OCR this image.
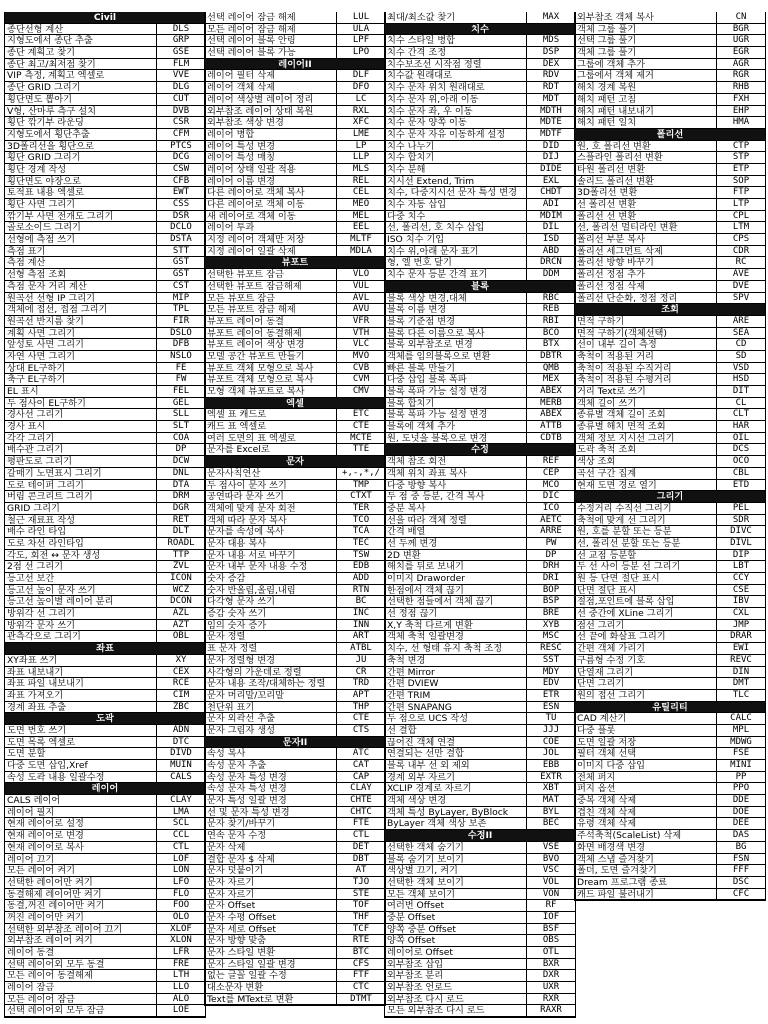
Civil
종단선형 계산	DLS
지형도에서 종단 추출	GRP
종단 계획고 찾기	GSE
종단 최고/최저점 찾기	FLM
VIP 측정, 계획고 엑셀로	VVE
종단 GRID 그리기	DLG
횡단면도 뽑아기	CUT
V형, 산마루 측구 설치	DVB
횡단 깎기부 라운딩	CSR
지형도에서 횡단추출	CFM
3D폴리선을 횡단으로	PTCS
횡단 GRID 그리기	DCG
횡단 경계 작성	CSW
횡단면도 야장으로	CFB
토적표 내용 엑셀로	EWT
횡단 사면 그리기	CSS
깎기부 사면 전개도 그리기	DSR
골로소이드 그리기	DCLO
선형에 측점 쓰기	DSTA
측점 표기	STT
측점 계산	GST
선형 측점 조회	GST
측점 문자 거리 계산	CST
원곡선 선형 IP 그리기	MIP
객체에 접선, 접점 그리기	TPL
원곡선 반지름 찾기	FIR
계획 사면 그리기	DSLO
앞성토 사면 그리기	DFB
자연 사면 그리기	NSLO
상대 EL구하기	FE
축구 EL구하기	FW
EL 표시	FEL
두 점사이 EL구하기	GEL
경사선 그리기	SLL
경사 표시	SLT
각각 그리기	COA
배수관 그리기	DP
평판도로 그리기	DCW
갈매기 노면표시 그리기	DNL
도로 테이퍼 그리기	DTA
버림 콘크리트 그리기	DRM
GRID 그리기	DGR
철근 재료표 작성	RET
배수 라인 타입	DLT
도로 차선 라인타입	ROADL
각도, 회전 ↔ 문자 생성	TTP
2점 선 그리기	ZVL
등고선 보간	ICON
등고선 높이 문자 쓰기	WCZ
등고선 높이별 레이어 분리	DCON
방위각 선 그리기	AZL
방위각 문자 쓰기	AZT
관측각으로 그리기	OBL
좌표
XY좌표 쓰기	XY
좌표 내보내기	CEX
좌표 파일 내보내기	RCE
좌표 가져오기	CIM
경계 좌표 추출	ZBC
도곽
도면 번호 쓰기	ADN
도면 목록 엑셀로	DTC
도면 분할	DIVD
다중 도면 삽입,Xref	MUIN
속성 도곽 내용 일괄수정	CALS
레이어
CALS 레이어	CLAY
레이어 필지	LMA
현재 레이어로 설정	SCL
현재 레이어로 변경	CCL
현재 레이어로 복사	CTL
레이어 끄기	LOF
모든 레이어 켜기	LON
선택한 레이어만 켜기	LFO
동결해제 레이어만 켜기	FLO
동결,꺼진 레이어만 켜기	FOO
꺼진 레이어만 켜기	OLO
선택한 외부참조 레이어 끄기	XLOF
외부참조 레이어 켜기	XLON
레이어 동결	LFR
선택 레이어외 모두 동결	FRE
모든 레이어 동결해제	LTH
레이어 잠금	LLO
모든 레이어 잠금	ALO
선택 레이어외 모두 잠금	LOE
선택 레이어 잠금 해제	LUL
모든 레이어 잠금 해제	ULA
선택 레이어 블록 안링	LPF
선택 레이어 블록 가능	LPO
레이어II
레이어 필터 삭제	DLF
레이어 객체 삭제	DFO
레이어 색상별 레이어 정리	LC
외부참조 레이어 상태 복원	RXL
외부참조 색상 변경	XFC
레이어 병합	LME
레이어 특성 변경	LP
레이어 특성 매칭	LLP
레이어 상태 일괄 적용	MLS
레이어 이름 변경	REL
다른 레이어로 객체 복사	CEL
다른 레이어로 객체 이동	MEO
새 레이어로 객체 이동	MEL
레이어 투과	EEL
지정 레이어 객체만 저장	MLTF
지정 레이어 일괄 삭제	MDLA
뷰포트
선택한 뷰포트 잠금	VLO
선택한 뷰포트 잠금해제	VUL
모든 뷰포트 잠금	AVL
모든 뷰포트 잠금 해제	AVU
뷰포트 레이어 동결	VFR
뷰포트 레이어 동결해제	VTH
뷰포트 레이어 색상 변경	VLC
모델 공간 뷰포트 만들기	MVO
뷰포트 객체 모형으로 복사	CVB
뷰포트 객체 모형으로 복사	CVM
모형 객체 뷰포트로 복사	CMV
엑셀
엑셀 표 캐드로	ETC
캐드 표 엑셀로	CTE
여러 도면의 표 엑셀로	MCTE
문자를 Excel로	TTE
문자
문자사칙연산	+,-,*,/
두 점사이 문자 쓰기	TMP
공연따라 문자 쓰기	CTXT
객체에 맞게 문자 회전	TER
객체 따라 문자 복사	TCO
문자를 속성에 복사	TCA
문자 대용 복사	TEC
문자 내용 서로 바꾸기	TSW
문자 내부 문자 내용 수정	EDB
숫자 증감	ADD
숫자 반올림,올림,내림	RTN
다각형 문자 쓰기	BC
증감 숫자 쓰기	INC
임의 숫자 증가	INN
문자 정렬	ART
표 문자 정렬	ATBL
문자 정렬형 변경	JU
사각형의 가운데로 정렬	CR
문자 내용 조작/대체하는 정렬	TRD
문자 머리말/꼬리말	APT
천단위 표기	THP
문자 외곽선 추출	CTE
문자 그림자 생성	CTS
문자II
속성 복사	ATC
속성 문자 추출	CAT
속성 문자 특성 변경	CAP
속성 문자 특성 변경	CLAY
문자 특성 일괄 변경	CHTE
선 및 문자 특성 변경	CHTC
문자 찾기/바꾸기	FTE
연속 문자 수정	CTL
문자 삭제	DET
결합 문자 $ 삭제	DBT
문자 덧붙이기	AT
문자 자르기	TJO
문자 자르기	STE
문자 Offset	TOF
문자 수평 Offset	THF
문자 세로 Offset	TCF
문자 방향 맞춤	RTE
문자 스타일 변환	BTC
문자 스타일 일괄 변경	CFS
없는 글꼴 일괄 수정	FTF
대소문자 변환	CTC
Text를 MText로 변환	DTMT
최대/최소값 찾기	MAX
치수
치수 스타일 병합	MDS
치수 간격 조정	DSP
치수보조선 시작점 정렬	DEX
치수값 원래대로	RDV
치수 문자 위치 원래대로	RDT
치수 문자 위,아래 이동	MDT
치수 문자 좌, 우 이동	MDTH
치수 문자 양쪽 이동	MDTE
치수 문자 자유 이동하게 설정	MDTF
치수 나누기	DID
치수 합치기	DIJ
치수 분해	DIDE
지시선 Extend, Trim	EXL
치수, 다중지시선 문자 특성 변경	CHDT
치수 자동 삽입	ADI
다중 치수	MDIM
선, 폴리선, 호 치수 삽입	DIL
ISO 치수 기입	ISD
치수 위,아래 문자 표기	ABD
형, 엘 번호 달기	DRCN
치수 문자 등분 간격 표기	DDM
블록
블록 색상 변경,대체	RBC
블록 이름 변경	REB
블록 기준점 변경	RBI
블록 다른 이름으로 복사	BCO
블록 외부참조로 변경	BTX
객체를 임의블록으로 변환	DBTR
빠른 블록 만들기	QMB
다중 삽입 블록 폭파	MEX
블록 폭파 가능 설정 변경	ABEX
블록 합치기	MERB
블록 폭파 가능 설정 변경	ABEX
블록에 객체 추가	ATTB
원, 도넛을 블록으로 변경	CDTB
수정
객체 참조 회전	REF
객체 위치 좌표 복사	CEP
다중 방향 복사	MCO
두 점 중 등분, 간격 복사	DIC
중분 복사	ICO
선을 따라 객체 정렬	AETC
간격 배열	ARRE
선 두께 변경	PW
2D 변환	DP
해치를 뒤로 보내기	DRH
이미지 Draworder	DRI
한점에서 객체 끊기	BOP
선택한 점들에서 객체 끊기	BSP
선 정점 끊기	BRE
X,Y 축척 다르게 변환	XYB
객체 축척 일괄변경	MSC
치수, 선 형태 유지 축척 조정	RESC
축척 변경	SST
간편 Mirror	MDY
간편 DVIEW	EDV
간편 TRIM	ETR
간편 SNAPANG	ESN
두 점으로 UCS 작성	TU
선 결합	JJJ
끊어진 객체 연결	COE
연결되는 선만 결합	JOL
블록 내부 선 외 제외	EBB
경계 외부 자르기	EXTR
XCLIP 경계로 자르기	XBT
객체 색상 변경	MAT
객체 특성 ByLayer, ByBlock	BYL
ByLayer 객체 색상 보존	BEC
수정II
선택한 객체 숨기기	VSE
블록 숨기기 보이기	BVO
색상별 끄기, 켜기	VSC
선택한 객체 보이기	VOL
모든 객체 보이기	VON
여러번 Offset	RF
중분 Offset	IOF
양쪽 중분 Offset	BSF
양쪽 Offset	OBS
레이어로 Offset	OTL
외부참조 삽입	BXR
외부참조 분리	DXR
외부참조 언로드	UXR
외부참조 다시 로드	RXR
모든 외부참조 다시 로드	RAXR
외부참조 객체 복사	CN
객체 그룹 풀기	BGR
선택 그룹 풀기	UGR
객체 그룹 풀기	EGR
그룹에 객체 추가	AGR
그룹에서 객체 제거	RGR
해치 경계 복원	RHB
해치 패턴 고침	FXH
해치 패턴 내보내기	EHP
해치 패턴 일치	HMA
폴리선
원, 호 폴리선 변환	CTP
스플라인 폴리선 변환	STP
타원 폴리선 변환	ETP
솔리드 폴리선 변환	SOP
3D폴리선 변환	FTP
선 폴리선 변환	LTP
폴리선 선 변환	CPL
선, 폴리선 멀티라인 변환	LTM
폴리선 부분 복사	CPS
폴리선 세그먼트 삭제	CDR
폴리선 방향 바꾸기	RC
폴리선 정점 추가	AVE
폴리선 정점 삭제	DVE
폴리선 단순화, 정점 정리	SPV
조회
면적 구하기	ARE
면적 구하기(객체선택)	SEA
선이 내부 길이 측정	CD
축척이 적용된 거리	SD
축척이 적용된 수직거리	VSD
축척이 적용된 수평거리	HSD
거리 Text로 쓰기	DIT
객체 길이 쓰기	CL
종류별 객체 길이 조회	CLT
종류별 해치 면적 조회	HAR
객체 정보 지시선 그리기	OIL
도곽 축척 조회	DCS
색상 조회	OCO
곡선 구간 집계	CBL
현재 도면 경로 열기	ETD
그리기
수정거리 수직선 그리기	PEL
축척에 맞게 선 그리기	SDR
원, 호를 분할 또는 등분	DIVC
선, 폴리선 분할 또는 등분	DIVL
선 교점 등분할	DIP
두 선 사이 등분 선 그리기	LBT
원 등 단면 절단 표시	CCY
단면 절단 표시	CSE
절점,포인트에 블록 삽입	IBV
선 중간에 XLine 그리기	CXL
점선 그리기	JMP
선 끝에 화살표 그리기	DRAR
간편 객체 가리기	EWI
구름형 수정 기호	REVC
단열재 그리기	DIN
단면 그리기	DMT
원의 접선 그리기	TLC
유틸리티
CAD 계산기	CALC
다중 플롯	MPL
도면 일괄 저장	MDWG
필터 객체 선택	FSE
이미지 다중 삽입	MINI
전체 퍼지	PP
퍼지 옵션	PPO
중복 객체 삭제	DDE
겹친 객체 삭제	DOE
유령 객체 삭제	DEE
주석축척(ScaleList) 삭제	DAS
화면 배경색 변경	BG
객체 스냅 즐겨찾기	FSN
폴더, 도면 즐겨찾기	FFF
Dream 프로그램 종료	DSC
캐드 파일 불러내기	CFC
